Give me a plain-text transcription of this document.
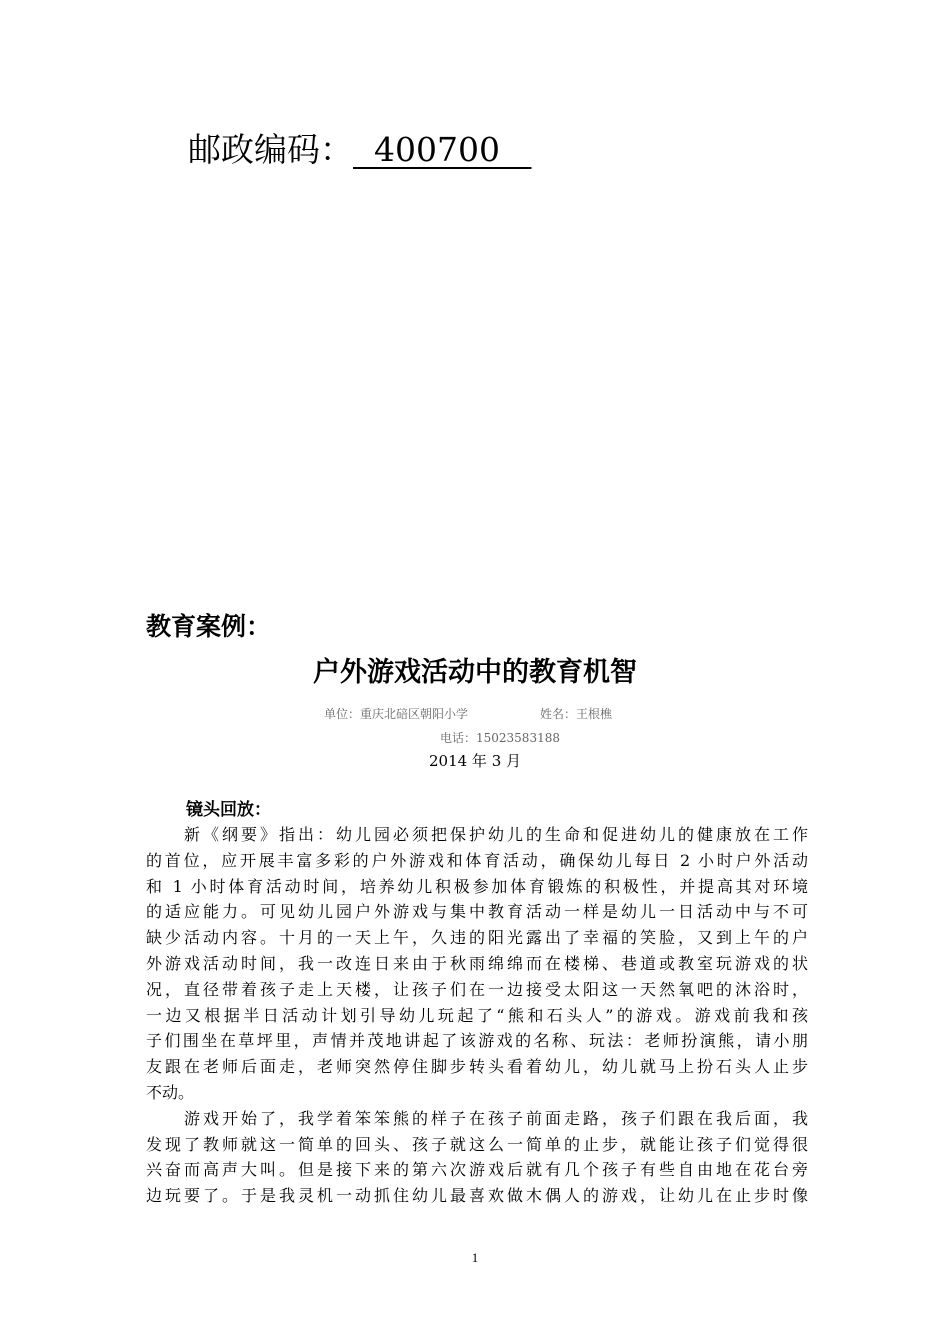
邮政编码：  400700
教育案例：
户外游戏活动中的教育机智
单位：重庆北碚区朝阳小学	姓名：王根樵
电话：15023583188
2014 年 3 月
镜头回放：
　　新《纲要》指出：幼儿园必须把保护幼儿的生命和促进幼儿的健康放在工作
的首位，应开展丰富多彩的户外游戏和体育活动，确保幼儿每日 2 小时户外活动
和 1 小时体育活动时间，培养幼儿积极参加体育锻炼的积极性，并提高其对环境
的适应能力。可见幼儿园户外游戏与集中教育活动一样是幼儿一日活动中与不可
缺少活动内容。十月的一天上午，久违的阳光露出了幸福的笑脸，又到上午的户
外游戏活动时间，我一改连日来由于秋雨绵绵而在楼梯、巷道或教室玩游戏的状
况，直径带着孩子走上天楼，让孩子们在一边接受太阳这一天然氧吧的沐浴时，
一边又根据半日活动计划引导幼儿玩起了“熊和石头人”的游戏。游戏前我和孩
子们围坐在草坪里，声情并茂地讲起了该游戏的名称、玩法：老师扮演熊，请小朋
友跟在老师后面走，老师突然停住脚步转头看着幼儿，幼儿就马上扮石头人止步
不动。
　　游戏开始了，我学着笨笨熊的样子在孩子前面走路，孩子们跟在我后面，我
发现了教师就这一简单的回头、孩子就这么一简单的止步，就能让孩子们觉得很
兴奋而高声大叫。但是接下来的第六次游戏后就有几个孩子有些自由地在花台旁
边玩要了。于是我灵机一动抓住幼儿最喜欢做木偶人的游戏，让幼儿在止步时像
1
